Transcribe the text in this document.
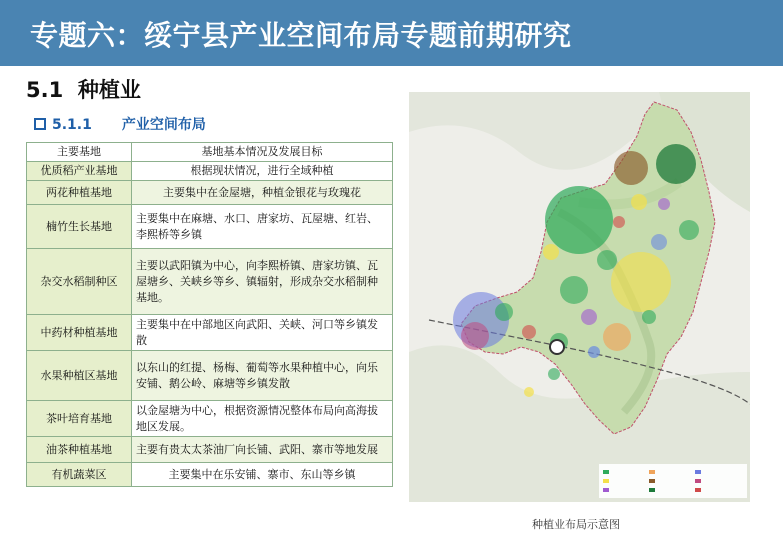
专题六：绥宁县产业空间布局专题前期研究
5.1 种植业
5.1.1 产业空间布局
主要基地	基地基本情况及发展目标
优质稻产业基地	根据现状情况，进行全域种植
两花种植基地	主要集中在金屋塘，种植金银花与玫瑰花
楠竹生长基地	主要集中在麻塘、水口、唐家坊、瓦屋塘、红岩、李熙桥等乡镇
杂交水稻制种区	主要以武阳镇为中心，向李熙桥镇、唐家坊镇、瓦屋塘乡、关峡乡等乡、镇辐射，形成杂交水稻制种基地。
中药材种植基地	主要集中在中部地区向武阳、关峡、河口等乡镇发散
水果种植区基地	以东山的红提、杨梅、葡萄等水果种植中心，向乐安铺、鹅公岭、麻塘等乡镇发散
茶叶培育基地	以金屋塘为中心，根据资源情况整体布局向高海拔地区发展。
油茶种植基地	主要有贵太太茶油厂向长铺、武阳、寨市等地发展
有机蔬菜区	主要集中在乐安铺、寨市、东山等乡镇
种植业布局示意图
